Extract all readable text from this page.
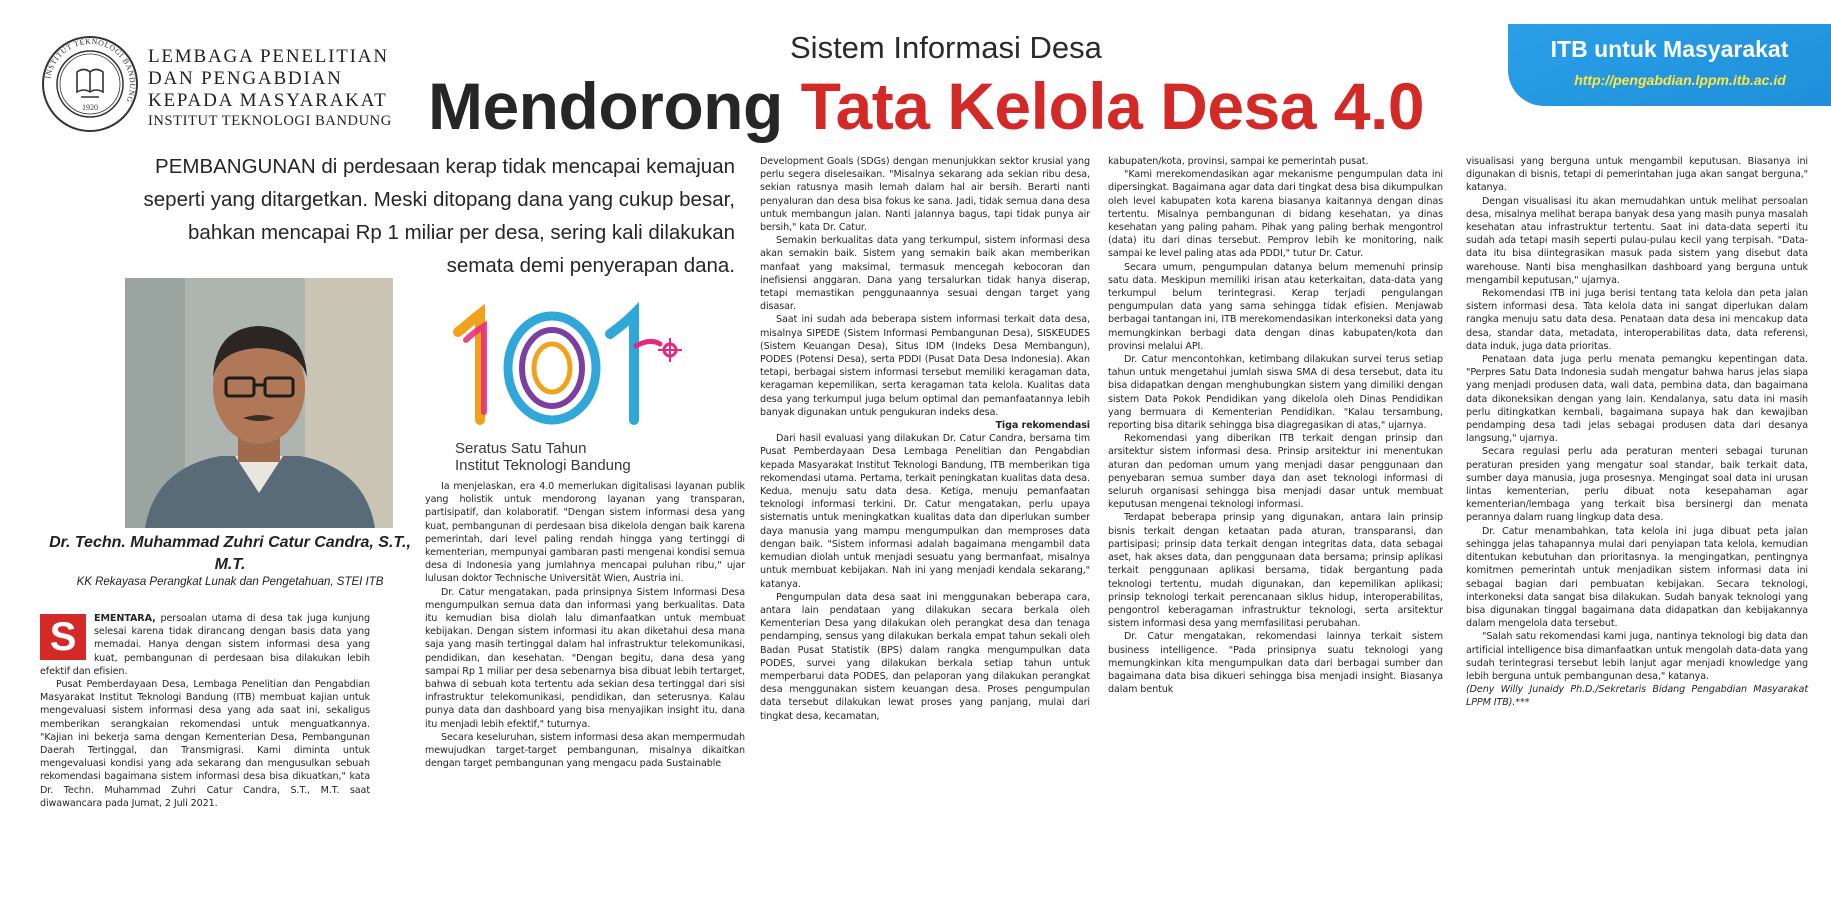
INSTITUT TEKNOLOGI BANDUNG
1920
LEMBAGA PENELITIAN
DAN PENGABDIAN
KEPADA MASYARAKAT
INSTITUT TEKNOLOGI BANDUNG
Sistem Informasi Desa
Mendorong Tata Kelola Desa 4.0
ITB untuk Masyarakat
http://pengabdian.lppm.itb.ac.id
PEMBANGUNAN di perdesaan kerap tidak mencapai kemajuan seperti yang ditargetkan. Meski ditopang dana yang cukup besar, bahkan mencapai Rp 1 miliar per desa, sering kali dilakukan semata demi penyerapan dana.
Dr. Techn. Muhammad Zuhri Catur Candra, S.T., M.T.
KK Rekayasa Perangkat Lunak dan Pengetahuan, STEI ITB
Seratus Satu Tahun
Institut Teknologi Bandung

S	EMENTARA, persoalan utama di desa tak juga kunjung selesai karena tidak dirancang dengan basis data yang memadai. Hanya dengan sistem informasi desa yang kuat, pembangunan di perdesaan bisa dilakukan lebih efektif dan efisien.

Pusat Pemberdayaan Desa, Lembaga Penelitian dan Pengabdian Masyarakat Institut Teknologi Bandung (ITB) membuat kajian untuk mengevaluasi sistem informasi desa yang ada saat ini, sekaligus memberikan serangkaian rekomendasi untuk menguatkannya. "Kajian ini bekerja sama dengan Kementerian Desa, Pembangunan Daerah Tertinggal, dan Transmigrasi. Kami diminta untuk mengevaluasi kondisi yang ada sekarang dan mengusulkan sebuah rekomendasi bagaimana sistem informasi desa bisa dikuatkan," kata Dr. Techn. Muhammad Zuhri Catur Candra, S.T., M.T. saat diwawancara pada Jumat, 2 Juli 2021.

Ia menjelaskan, era 4.0 memerlukan digitalisasi layanan publik yang holistik untuk mendorong layanan yang transparan, partisipatif, dan kolaboratif. "Dengan sistem informasi desa yang kuat, pembangunan di perdesaan bisa dikelola dengan baik karena pemerintah, dari level paling rendah hingga yang tertinggi di kementerian, mempunyai gambaran pasti mengenai kondisi semua desa di Indonesia yang jumlahnya mencapai puluhan ribu," ujar lulusan doktor Technische Universität Wien, Austria ini.

Dr. Catur mengatakan, pada prinsipnya Sistem Informasi Desa mengumpulkan semua data dan informasi yang berkualitas. Data itu kemudian bisa diolah lalu dimanfaatkan untuk membuat kebijakan. Dengan sistem informasi itu akan diketahui desa mana saja yang masih tertinggal dalam hal infrastruktur telekomunikasi, pendidikan, dan kesehatan. "Dengan begitu, dana desa yang sampai Rp 1 miliar per desa sebenarnya bisa dibuat lebih tertarget, bahwa di sebuah kota tertentu ada sekian desa tertinggal dari sisi infrastruktur telekomunikasi, pendidikan, dan seterusnya. Kalau punya data dan dashboard yang bisa menyajikan insight itu, dana itu menjadi lebih efektif," tuturnya.

Secara keseluruhan, sistem informasi desa akan mempermudah mewujudkan target-target pembangunan, misalnya dikaitkan dengan target pembangunan yang mengacu pada Sustainable

Development Goals (SDGs) dengan menunjukkan sektor krusial yang perlu segera diselesaikan. "Misalnya sekarang ada sekian ribu desa, sekian ratusnya masih lemah dalam hal air bersih. Berarti nanti penyaluran dan desa bisa fokus ke sana. Jadi, tidak semua dana desa untuk membangun jalan. Nanti jalannya bagus, tapi tidak punya air bersih," kata Dr. Catur.

Semakin berkualitas data yang terkumpul, sistem informasi desa akan semakin baik. Sistem yang semakin baik akan memberikan manfaat yang maksimal, termasuk mencegah kebocoran dan inefisiensi anggaran. Dana yang tersalurkan tidak hanya diserap, tetapi memastikan penggunaannya sesuai dengan target yang disasar.

Saat ini sudah ada beberapa sistem informasi terkait data desa, misalnya SIPEDE (Sistem Informasi Pembangunan Desa), SISKEUDES (Sistem Keuangan Desa), Situs IDM (Indeks Desa Membangun), PODES (Potensi Desa), serta PDDI (Pusat Data Desa Indonesia). Akan tetapi, berbagai sistem informasi tersebut memiliki keragaman data, keragaman kepemilikan, serta keragaman tata kelola. Kualitas data desa yang terkumpul juga belum optimal dan pemanfaatannya lebih banyak digunakan untuk pengukuran indeks desa.

Tiga rekomendasi

Dari hasil evaluasi yang dilakukan Dr. Catur Candra, bersama tim Pusat Pemberdayaan Desa Lembaga Penelitian dan Pengabdian kepada Masyarakat Institut Teknologi Bandung, ITB memberikan tiga rekomendasi utama. Pertama, terkait peningkatan kualitas data desa. Kedua, menuju satu data desa. Ketiga, menuju pemanfaatan teknologi informasi terkini. Dr. Catur mengatakan, perlu upaya sistematis untuk meningkatkan kualitas data dan diperlukan sumber daya manusia yang mampu mengumpulkan dan memproses data dengan baik. "Sistem informasi adalah bagaimana mengambil data kemudian diolah untuk menjadi sesuatu yang bermanfaat, misalnya untuk membuat kebijakan. Nah ini yang menjadi kendala sekarang," katanya.

Pengumpulan data desa saat ini menggunakan beberapa cara, antara lain pendataan yang dilakukan secara berkala oleh Kementerian Desa yang dilakukan oleh perangkat desa dan tenaga pendamping, sensus yang dilakukan berkala empat tahun sekali oleh Badan Pusat Statistik (BPS) dalam rangka mengumpulkan data PODES, survei yang dilakukan berkala setiap tahun untuk memperbarui data PODES, dan pelaporan yang dilakukan perangkat desa menggunakan sistem keuangan desa. Proses pengumpulan data tersebut dilakukan lewat proses yang panjang, mulai dari tingkat desa, kecamatan,

kabupaten/kota, provinsi, sampai ke pemerintah pusat.

"Kami merekomendasikan agar mekanisme pengumpulan data ini dipersingkat. Bagaimana agar data dari tingkat desa bisa dikumpulkan oleh level kabupaten kota karena biasanya kaitannya dengan dinas tertentu. Misalnya pembangunan di bidang kesehatan, ya dinas kesehatan yang paling paham. Pihak yang paling berhak mengontrol (data) itu dari dinas tersebut. Pemprov lebih ke monitoring, naik sampai ke level paling atas ada PDDI," tutur Dr. Catur.

Secara umum, pengumpulan datanya belum memenuhi prinsip satu data. Meskipun memiliki irisan atau keterkaitan, data-data yang terkumpul belum terintegrasi. Kerap terjadi pengulangan pengumpulan data yang sama sehingga tidak efisien. Menjawab berbagai tantangan ini, ITB merekomendasikan interkoneksi data yang memungkinkan berbagi data dengan dinas kabupaten/kota dan provinsi melalui API.

Dr. Catur mencontohkan, ketimbang dilakukan survei terus setiap tahun untuk mengetahui jumlah siswa SMA di desa tersebut, data itu bisa didapatkan dengan menghubungkan sistem yang dimiliki dengan sistem Data Pokok Pendidikan yang dikelola oleh Dinas Pendidikan yang bermuara di Kementerian Pendidikan. "Kalau tersambung, reporting bisa ditarik sehingga bisa diagregasikan di atas," ujarnya.

Rekomendasi yang diberikan ITB terkait dengan prinsip dan arsitektur sistem informasi desa. Prinsip arsitektur ini menentukan aturan dan pedoman umum yang menjadi dasar penggunaan dan penyebaran semua sumber daya dan aset teknologi informasi di seluruh organisasi sehingga bisa menjadi dasar untuk membuat keputusan mengenai teknologi informasi.

Terdapat beberapa prinsip yang digunakan, antara lain prinsip bisnis terkait dengan ketaatan pada aturan, transparansi, dan partisipasi; prinsip data terkait dengan integritas data, data sebagai aset, hak akses data, dan penggunaan data bersama; prinsip aplikasi terkait penggunaan aplikasi bersama, tidak bergantung pada teknologi tertentu, mudah digunakan, dan kepemilikan aplikasi; prinsip teknologi terkait perencanaan siklus hidup, interoperabilitas, pengontrol keberagaman infrastruktur teknologi, serta arsitektur sistem informasi desa yang memfasilitasi perubahan.

Dr. Catur mengatakan, rekomendasi lainnya terkait sistem business intelligence. "Pada prinsipnya suatu teknologi yang memungkinkan kita mengumpulkan data dari berbagai sumber dan bagaimana data bisa dikueri sehingga bisa menjadi insight. Biasanya dalam bentuk

visualisasi yang berguna untuk mengambil keputusan. Biasanya ini digunakan di bisnis, tetapi di pemerintahan juga akan sangat berguna," katanya.

Dengan visualisasi itu akan memudahkan untuk melihat persoalan desa, misalnya melihat berapa banyak desa yang masih punya masalah kesehatan atau infrastruktur tertentu. Saat ini data-data seperti itu sudah ada tetapi masih seperti pulau-pulau kecil yang terpisah. "Data-data itu bisa diintegrasikan masuk pada sistem yang disebut data warehouse. Nanti bisa menghasilkan dashboard yang berguna untuk mengambil keputusan," ujarnya.

Rekomendasi ITB ini juga berisi tentang tata kelola dan peta jalan sistem informasi desa. Tata kelola data ini sangat diperlukan dalam rangka menuju satu data desa. Penataan data desa ini mencakup data desa, standar data, metadata, interoperabilitas data, data referensi, data induk, juga data prioritas.

Penataan data juga perlu menata pemangku kepentingan data. "Perpres Satu Data Indonesia sudah mengatur bahwa harus jelas siapa yang menjadi produsen data, wali data, pembina data, dan bagaimana data dikoneksikan dengan yang lain. Kendalanya, satu data ini masih perlu ditingkatkan kembali, bagaimana supaya hak dan kewajiban pendamping desa tadi jelas sebagai produsen data dari desanya langsung," ujarnya.

Secara regulasi perlu ada peraturan menteri sebagai turunan peraturan presiden yang mengatur soal standar, baik terkait data, sumber daya manusia, juga prosesnya. Mengingat soal data ini urusan lintas kementerian, perlu dibuat nota kesepahaman agar kementerian/lembaga yang terkait bisa bersinergi dan menata perannya dalam ruang lingkup data desa.

Dr. Catur menambahkan, tata kelola ini juga dibuat peta jalan sehingga jelas tahapannya mulai dari penyiapan tata kelola, kemudian ditentukan kebutuhan dan prioritasnya. Ia mengingatkan, pentingnya komitmen pemerintah untuk menjadikan sistem informasi data ini sebagai bagian dari pembuatan kebijakan. Secara teknologi, interkoneksi data sangat bisa dilakukan. Sudah banyak teknologi yang bisa digunakan tinggal bagaimana data didapatkan dan kebijakannya dalam mengelola data tersebut.

"Salah satu rekomendasi kami juga, nantinya teknologi big data dan artificial intelligence bisa dimanfaatkan untuk mengolah data-data yang sudah terintegrasi tersebut lebih lanjut agar menjadi knowledge yang lebih berguna untuk pembangunan desa," katanya.

(Deny Willy Junaidy Ph.D./Sekretaris Bidang Pengabdian Masyarakat LPPM ITB).***
